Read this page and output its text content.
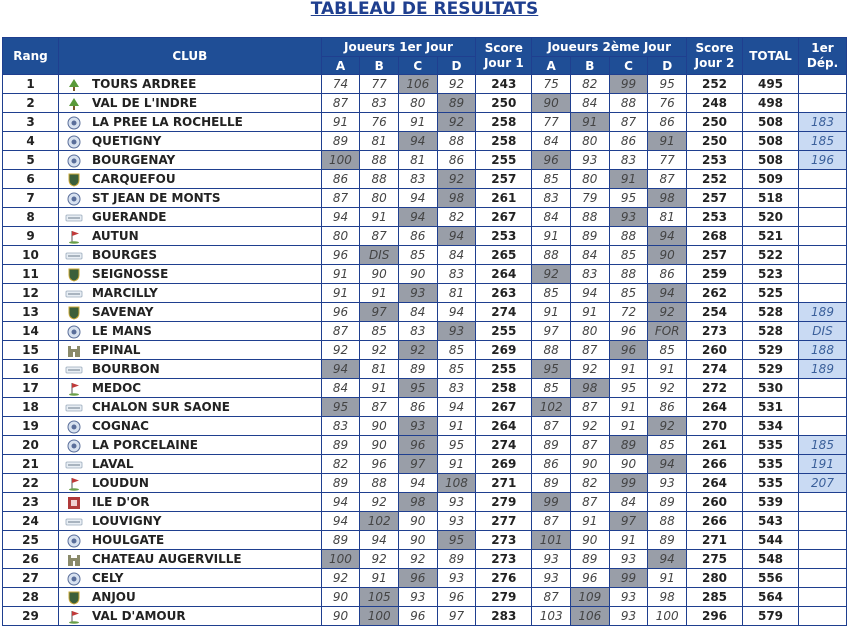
TABLEAU DE RESULTATS
Rang	CLUB	Joueurs 1er Jour				Score Jour 1	Joueurs 2ème Jour				Score Jour 2	TOTAL	1er Dép.
		A	B	C	D		A	B	C	D			
1	TOURS ARDREE	74	77	106	92	243	75	82	99	95	252	495	
2	VAL DE L'INDRE	87	83	80	89	250	90	84	88	76	248	498	
3	LA PREE LA ROCHELLE	91	76	91	92	258	77	91	87	86	250	508	183
4	QUETIGNY	89	81	94	88	258	84	80	86	91	250	508	185
5	BOURGENAY	100	88	81	86	255	96	93	83	77	253	508	196
6	CARQUEFOU	86	88	83	92	257	85	80	91	87	252	509	
7	ST JEAN DE MONTS	87	80	94	98	261	83	79	95	98	257	518	
8	GUERANDE	94	91	94	82	267	84	88	93	81	253	520	
9	AUTUN	80	87	86	94	253	91	89	88	94	268	521	
10	BOURGES	96	DIS	85	84	265	88	84	85	90	257	522	
11	SEIGNOSSE	91	90	90	83	264	92	83	88	86	259	523	
12	MARCILLY	91	91	93	81	263	85	94	85	94	262	525	
13	SAVENAY	96	97	84	94	274	91	91	72	92	254	528	189
14	LE MANS	87	85	83	93	255	97	80	96	FOR	273	528	DIS
15	EPINAL	92	92	92	85	269	88	87	96	85	260	529	188
16	BOURBON	94	81	89	85	255	95	92	91	91	274	529	189
17	MEDOC	84	91	95	83	258	85	98	95	92	272	530	
18	CHALON SUR SAONE	95	87	86	94	267	102	87	91	86	264	531	
19	COGNAC	83	90	93	91	264	87	92	91	92	270	534	
20	LA PORCELAINE	89	90	96	95	274	89	87	89	85	261	535	185
21	LAVAL	82	96	97	91	269	86	90	90	94	266	535	191
22	LOUDUN	89	88	94	108	271	89	82	99	93	264	535	207
23	ILE D'OR	94	92	98	93	279	99	87	84	89	260	539	
24	LOUVIGNY	94	102	90	93	277	87	91	97	88	266	543	
25	HOULGATE	89	94	90	95	273	101	90	91	89	271	544	
26	CHATEAU AUGERVILLE	100	92	92	89	273	93	89	93	94	275	548	
27	CELY	92	91	96	93	276	93	96	99	91	280	556	
28	ANJOU	90	105	93	96	279	87	109	93	98	285	564	
29	VAL D'AMOUR	90	100	96	97	283	103	106	93	100	296	579	
